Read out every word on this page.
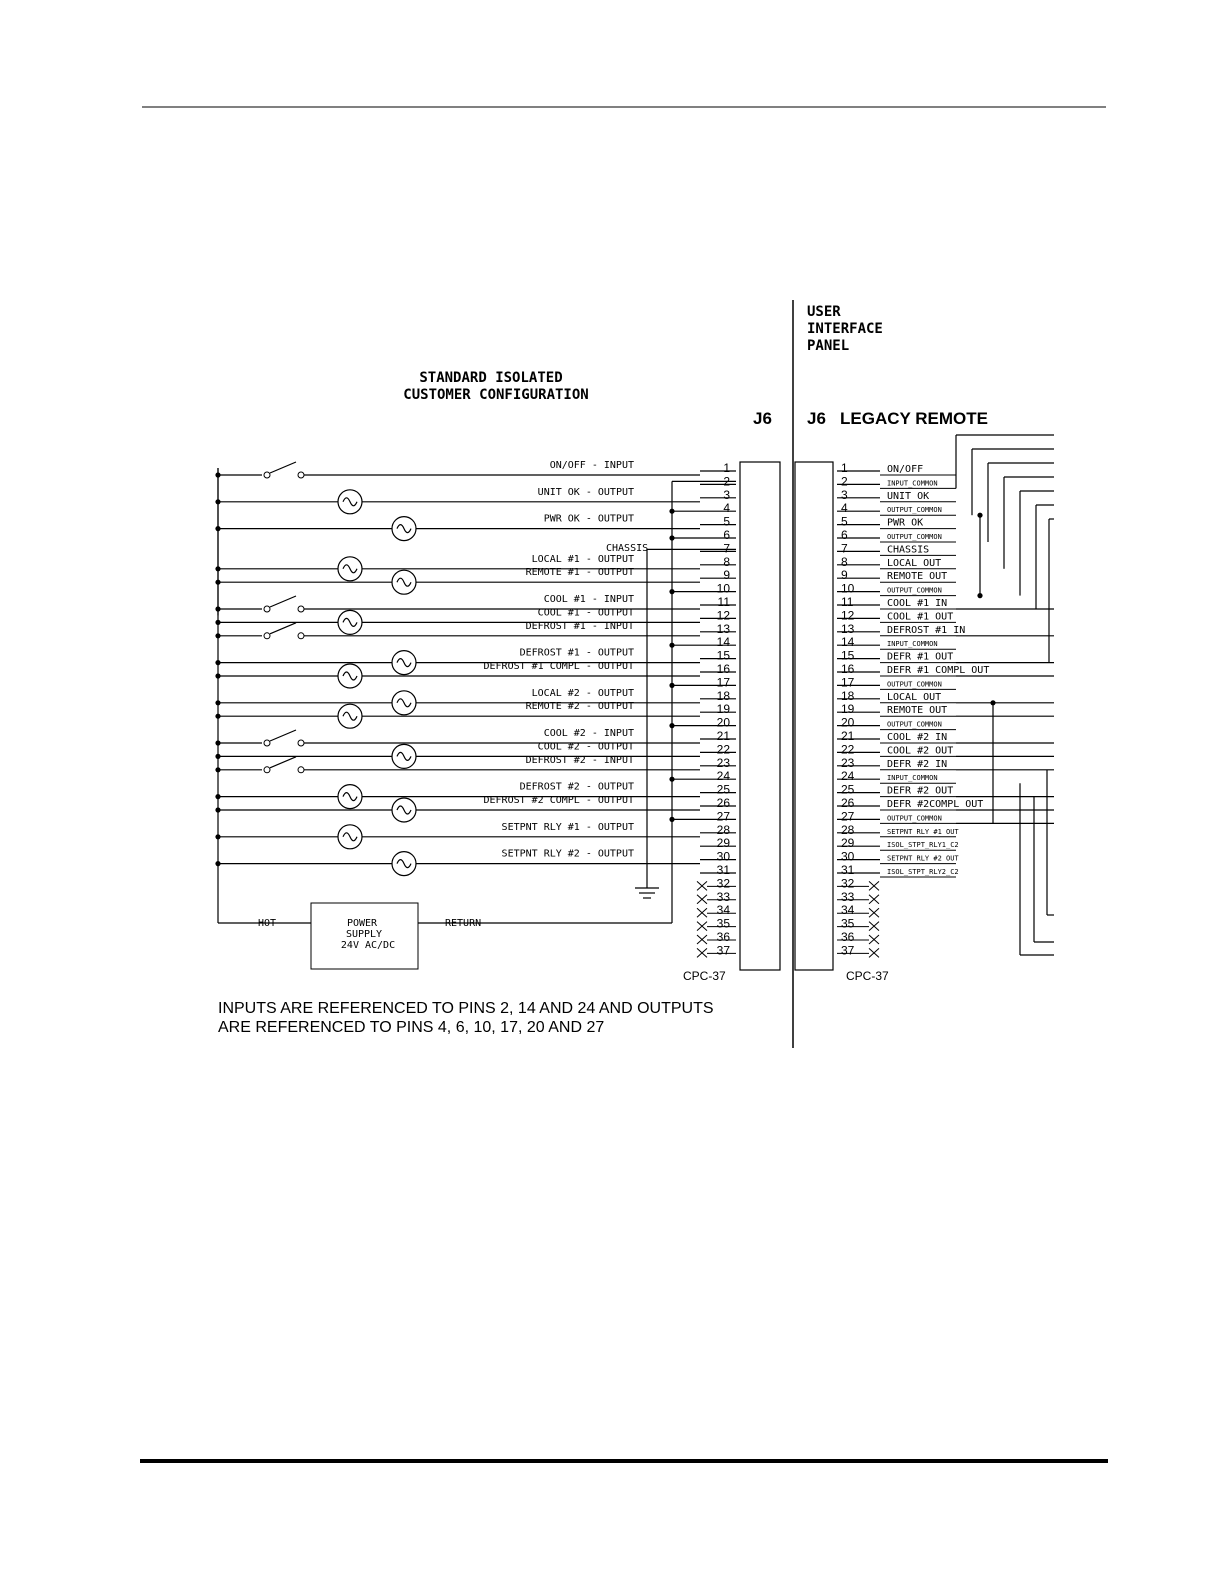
STANDARD ISOLATED
CUSTOMER CONFIGURATION
USER
INTERFACE
PANEL
J6 J6 LEGACY REMOTE
CPC-37	CPC-37
POWER
SUPPLY
24V AC/DC
HOT	RETURN
CHASSIS
INPUTS ARE REFERENCED TO PINS 2, 14 AND 24 AND OUTPUTS
ARE REFERENCED TO PINS 4, 6, 10, 17, 20 AND 27
1	1
ON/OFF - INPUT	ON/OFF
2	2	INPUT_COMMON
3	3
UNIT OK - OUTPUT	UNIT OK
4	4	OUTPUT_COMMON
5	5
PWR OK - OUTPUT	PWR OK
6	6	OUTPUT_COMMON
7	7	CHASSIS
8	8
LOCAL #1 - OUTPUT	LOCAL OUT
9	9
REMOTE #1 - OUTPUT	REMOTE OUT
10	10	OUTPUT_COMMON
11	11
COOL #1 - INPUT	COOL #1 IN
12	12
COOL #1 - OUTPUT	COOL #1 OUT
13	13
DEFROST #1 - INPUT	DEFROST #1 IN
14	14	INPUT_COMMON
15	15
DEFROST #1 - OUTPUT	DEFR #1 OUT
16	16
DEFROST #1 COMPL - OUTPUT	DEFR #1 COMPL OUT
17	17	OUTPUT_COMMON
18	18
LOCAL #2 - OUTPUT	LOCAL OUT
19	19
REMOTE #2 - OUTPUT	REMOTE OUT
20	20	OUTPUT_COMMON
21	21
COOL #2 - INPUT	COOL #2 IN
22	22
COOL #2 - OUTPUT	COOL #2 OUT
23	23
DEFROST #2 - INPUT	DEFR #2 IN
24	24	INPUT_COMMON
25	25
DEFROST #2 - OUTPUT	DEFR #2 OUT
26	26
DEFROST #2 COMPL - OUTPUT	DEFR #2COMPL OUT
27	27	OUTPUT_COMMON
28	28
SETPNT RLY #1 - OUTPUT	SETPNT RLY #1 OUT
29	29	ISOL_STPT_RLY1_C2
30	30
SETPNT RLY #2 - OUTPUT	SETPNT RLY #2 OUT
31	31	ISOL_STPT_RLY2_C2
32	32
33	33
34	34
35	35
36	36
37	37
